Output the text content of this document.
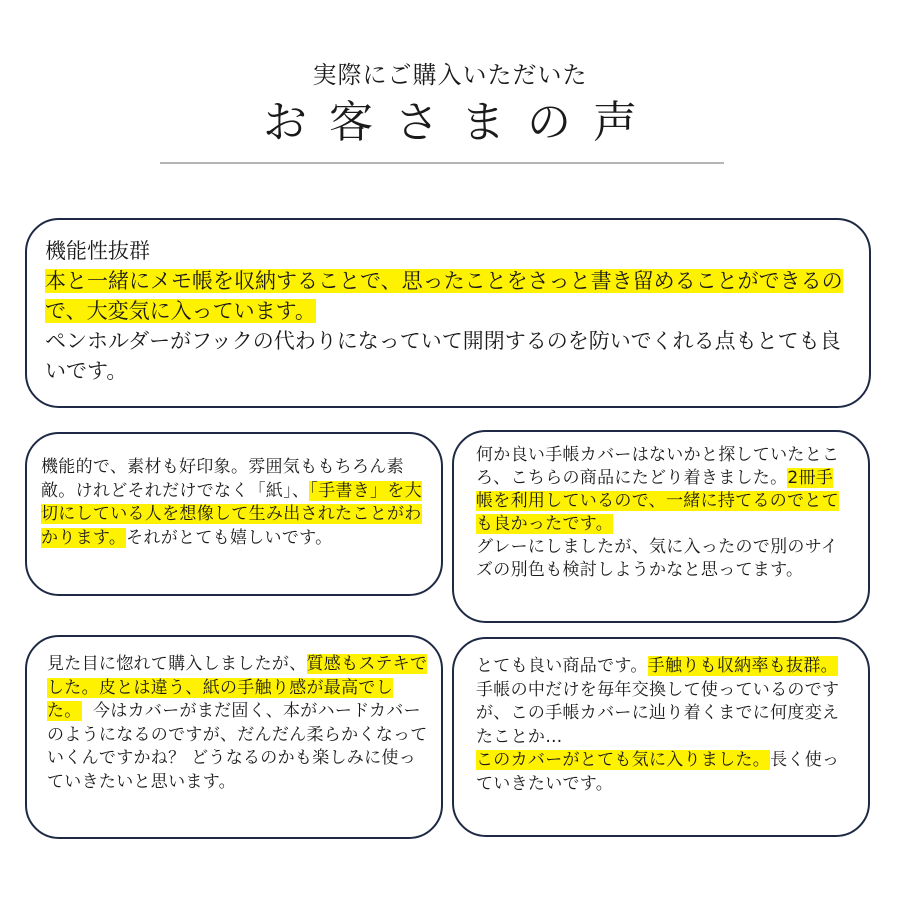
実際にご購入いただいた
お客さまの声

機能性抜群

本と一緒にメモ帳を収納することで、思ったことをさっと書き留めることができるので、大変気に入っています。
ペンホルダーがフックの代わりになっていて開閉するのを防いでくれる点もとても良いです。

機能的で、素材も好印象。雰囲気ももちろん素敵。けれどそれだけでなく「紙」、「手書き」を大切にしている人を想像して生み出されたことがわかります。それがとても嬉しいです。

何か良い手帳カバーはないかと探していたところ、こちらの商品にたどり着きました。2冊手帳を利用しているので、一緒に持てるのでとても良かったです。
グレーにしましたが、気に入ったので別のサイズの別色も検討しようかなと思ってます。

見た目に惚れて購入しましたが、質感もステキでした。皮とは違う、紙の手触り感が最高でした。 今はカバーがまだ固く、本がハードカバーのようになるのですが、だんだん柔らかくなっていくんですかね？ どうなるのかも楽しみに使っていきたいと思います。

とても良い商品です。手触りも収納率も抜群。
手帳の中だけを毎年交換して使っているのですが、この手帳カバーに辿り着くまでに何度変えたことか…
このカバーがとても気に入りました。長く使っていきたいです。
